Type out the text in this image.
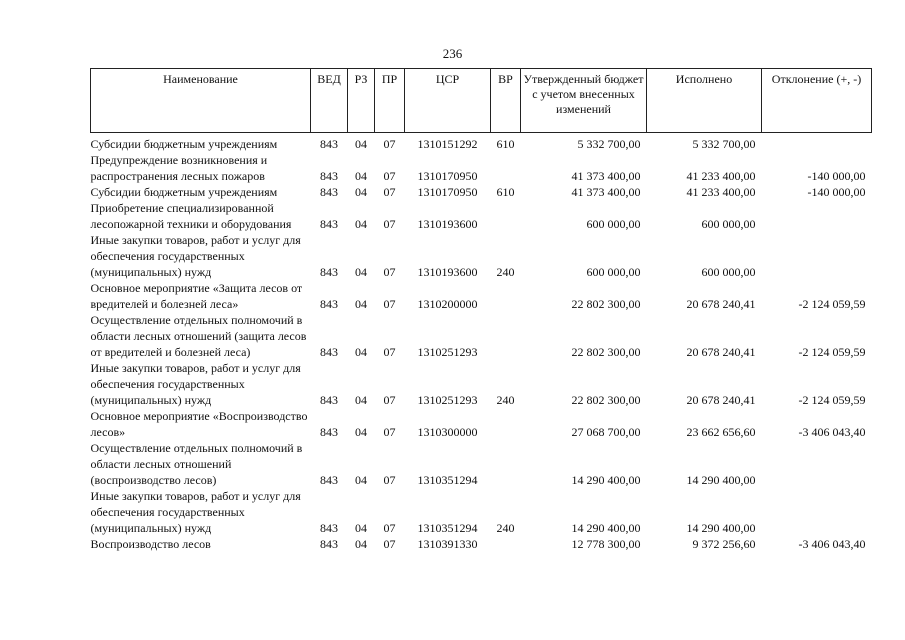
236
Наименование	ВЕД	РЗ	ПР	ЦСР	ВР	Утвержденный бюджет с учетом внесенных изменений	Исполнено	Отклонение (+, -)
Субсидии бюджетным учреждениям	843	04	07	1310151292	610	5 332 700,00	5 332 700,00	
Предупреждение возникновения и распространения лесных пожаров	843	04	07	1310170950		41 373 400,00	41 233 400,00	-140 000,00
Субсидии бюджетным учреждениям	843	04	07	1310170950	610	41 373 400,00	41 233 400,00	-140 000,00
Приобретение специализированной лесопожарной техники и оборудования	843	04	07	1310193600		600 000,00	600 000,00	
Иные закупки товаров, работ и услуг для обеспечения государственных (муниципальных) нужд	843	04	07	1310193600	240	600 000,00	600 000,00	
Основное мероприятие «Защита лесов от вредителей и болезней леса»	843	04	07	1310200000		22 802 300,00	20 678 240,41	-2 124 059,59
Осуществление отдельных полномочий в области лесных отношений (защита лесов от вредителей и болезней леса)	843	04	07	1310251293		22 802 300,00	20 678 240,41	-2 124 059,59
Иные закупки товаров, работ и услуг для обеспечения государственных (муниципальных) нужд	843	04	07	1310251293	240	22 802 300,00	20 678 240,41	-2 124 059,59
Основное мероприятие «Воспроизводство лесов»	843	04	07	1310300000		27 068 700,00	23 662 656,60	-3 406 043,40
Осуществление отдельных полномочий в области лесных отношений (воспроизводство лесов)	843	04	07	1310351294		14 290 400,00	14 290 400,00	
Иные закупки товаров, работ и услуг для обеспечения государственных (муниципальных) нужд	843	04	07	1310351294	240	14 290 400,00	14 290 400,00	
Воспроизводство лесов	843	04	07	1310391330		12 778 300,00	9 372 256,60	-3 406 043,40
